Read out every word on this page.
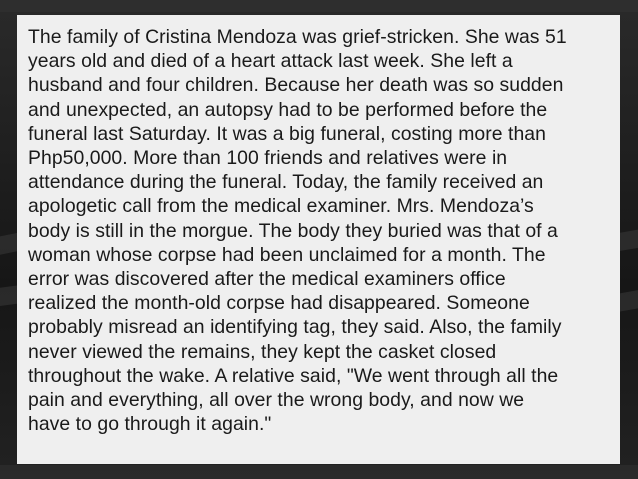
The family of Cristina Mendoza was grief-stricken. She was 51
years old and died of a heart attack last week. She left a
husband and four children. Because her death was so sudden
and unexpected, an autopsy had to be performed before the
funeral last Saturday. It was a big funeral, costing more than
Php50,000. More than 100 friends and relatives were in
attendance during the funeral. Today, the family received an
apologetic call from the medical examiner. Mrs. Mendoza’s
body is still in the morgue. The body they buried was that of a
woman whose corpse had been unclaimed for a month. The
error was discovered after the medical examiners office
realized the month-old corpse had disappeared. Someone
probably misread an identifying tag, they said. Also, the family
never viewed the remains, they kept the casket closed
throughout the wake. A relative said, "We went through all the
pain and everything, all over the wrong body, and now we
have to go through it again."
